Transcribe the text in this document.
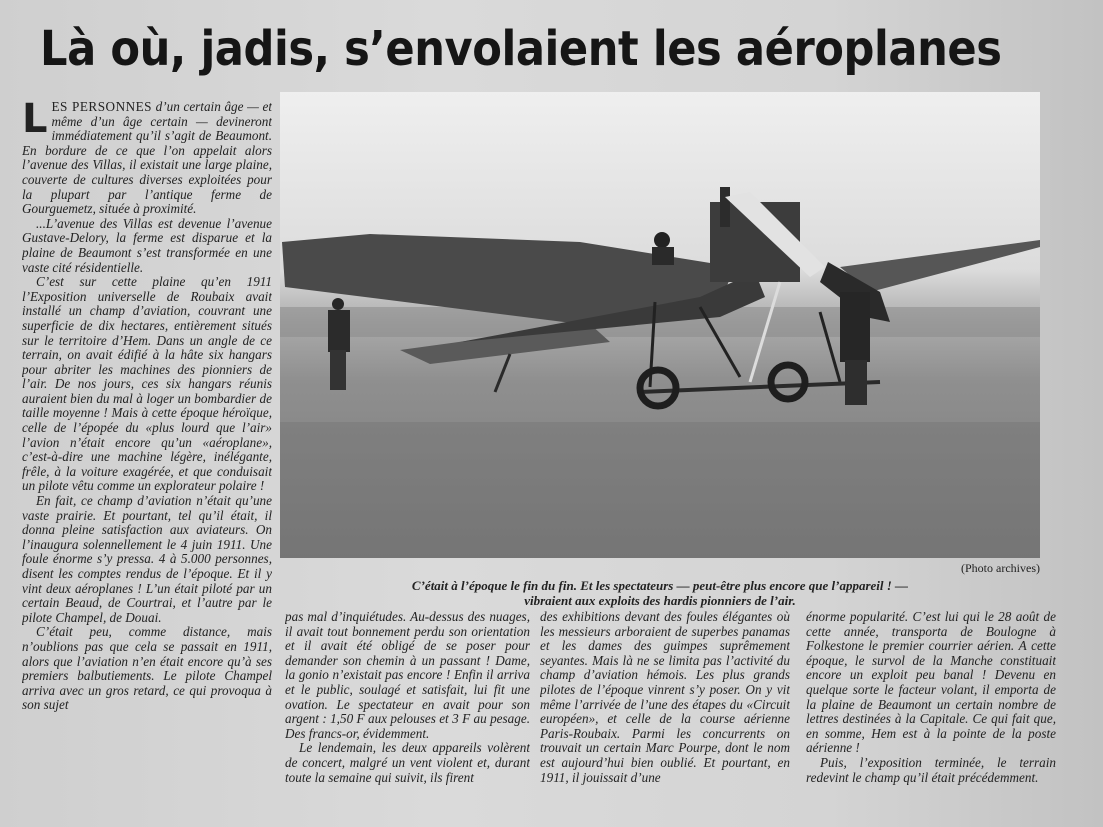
Là où, jadis, s’envolaient les aéroplanes

LES PERSONNES d’un certain âge — et même d’un âge certain — devineront immédiatement qu’il s’agit de Beaumont. En bordure de ce que l’on appelait alors l’avenue des Villas, il existait une large plaine, couverte de cultures diverses exploitées pour la plupart par l’antique ferme de Gourguemetz, située à proximité.

...L’avenue des Villas est devenue l’avenue Gustave-Delory, la ferme est disparue et la plaine de Beaumont s’est transformée en une vaste cité résidentielle.

C’est sur cette plaine qu’en 1911 l’Exposition universelle de Roubaix avait installé un champ d’aviation, couvrant une superficie de dix hectares, entièrement situés sur le territoire d’Hem. Dans un angle de ce terrain, on avait édifié à la hâte six hangars pour abriter les machines des pionniers de l’air. De nos jours, ces six hangars réunis auraient bien du mal à loger un bombardier de taille moyenne ! Mais à cette époque héroïque, celle de l’épopée du «plus lourd que l’air» l’avion n’était encore qu’un «aéroplane», c’est-à-dire une machine légère, inélégante, frêle, à la voiture exagérée, et que conduisait un pilote vêtu comme un explorateur polaire !

En fait, ce champ d’aviation n’était qu’une vaste prairie. Et pourtant, tel qu’il était, il donna pleine satisfaction aux aviateurs. On l’inaugura solennellement le 4 juin 1911. Une foule énorme s’y pressa. 4 à 5.000 personnes, disent les comptes rendus de l’époque. Et il y vint deux aéroplanes ! L’un était piloté par un certain Beaud, de Courtrai, et l’autre par le pilote Champel, de Douai.

C’était peu, comme distance, mais n’oublions pas que cela se passait en 1911, alors que l’aviation n’en était encore qu’à ses premiers balbutiements. Le pilote Champel arriva avec un gros retard, ce qui provoqua à son sujet

(Photo archives)
C’était à l’époque le fin du fin. Et les spectateurs — peut-être plus encore que l’appareil ! —
vibraient aux exploits des hardis pionniers de l’air.

pas mal d’inquiétudes. Au-dessus des nuages, il avait tout bonnement perdu son orientation et il avait été obligé de se poser pour demander son chemin à un passant ! Dame, la gonio n’existait pas encore ! Enfin il arriva et le public, soulagé et satisfait, lui fit une ovation. Le spectateur en avait pour son argent : 1,50 F aux pelouses et 3 F au pesage. Des francs-or, évidemment.

Le lendemain, les deux appareils volèrent de concert, malgré un vent violent et, durant toute la semaine qui suivit, ils firent

des exhibitions devant des foules élégantes où les messieurs arboraient de superbes panamas et les dames des guimpes suprêmement seyantes. Mais là ne se limita pas l’activité du champ d’aviation hémois. Les plus grands pilotes de l’époque vinrent s’y poser. On y vit même l’arrivée de l’une des étapes du «Circuit européen», et celle de la course aérienne Paris-Roubaix. Parmi les concurrents on trouvait un certain Marc Pourpe, dont le nom est aujourd’hui bien oublié. Et pourtant, en 1911, il jouissait d’une

énorme popularité. C’est lui qui le 28 août de cette année, transporta de Boulogne à Folkestone le premier courrier aérien. A cette époque, le survol de la Manche constituait encore un exploit peu banal ! Devenu en quelque sorte le facteur volant, il emporta de la plaine de Beaumont un certain nombre de lettres destinées à la Capitale. Ce qui fait que, en somme, Hem est à la pointe de la poste aérienne !

Puis, l’exposition terminée, le terrain redevint le champ qu’il était précédemment.
